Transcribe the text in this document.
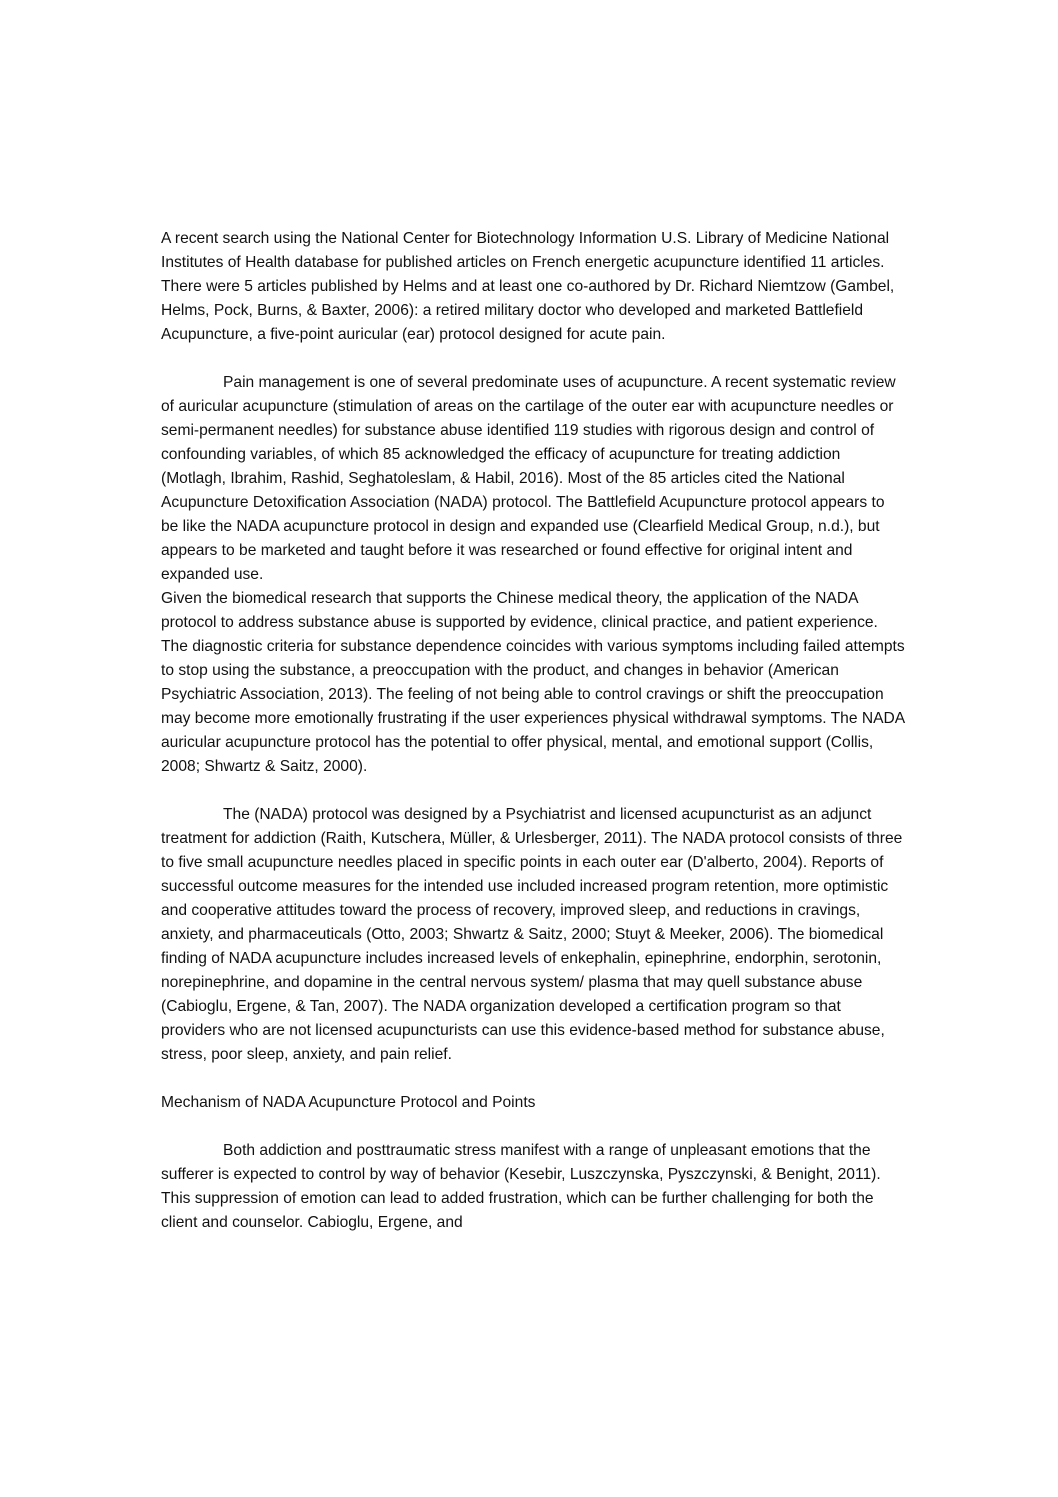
A recent search using the National Center for Biotechnology Information U.S. Library of Medicine National Institutes of Health database for published articles on French energetic acupuncture identified 11 articles. There were 5 articles published by Helms and at least one co-authored by Dr. Richard Niemtzow (Gambel, Helms, Pock, Burns, & Baxter, 2006): a retired military doctor who developed and marketed Battlefield Acupuncture, a five-point auricular (ear) protocol designed for acute pain.

Pain management is one of several predominate uses of acupuncture. A recent systematic review of auricular acupuncture (stimulation of areas on the cartilage of the outer ear with acupuncture needles or semi-permanent needles) for substance abuse identified 119 studies with rigorous design and control of confounding variables, of which 85 acknowledged the efficacy of acupuncture for treating addiction (Motlagh, Ibrahim, Rashid, Seghatoleslam, & Habil, 2016). Most of the 85 articles cited the National Acupuncture Detoxification Association (NADA) protocol. The Battlefield Acupuncture protocol appears to be like the NADA acupuncture protocol in design and expanded use (Clearfield Medical Group, n.d.), but appears to be marketed and taught before it was researched or found effective for original intent and expanded use.

Given the biomedical research that supports the Chinese medical theory, the application of the NADA protocol to address substance abuse is supported by evidence, clinical practice, and patient experience. The diagnostic criteria for substance dependence coincides with various symptoms including failed attempts to stop using the substance, a preoccupation with the product, and changes in behavior (American Psychiatric Association, 2013). The feeling of not being able to control cravings or shift the preoccupation may become more emotionally frustrating if the user experiences physical withdrawal symptoms. The NADA auricular acupuncture protocol has the potential to offer physical, mental, and emotional support (Collis, 2008; Shwartz & Saitz, 2000).

The (NADA) protocol was designed by a Psychiatrist and licensed acupuncturist as an adjunct treatment for addiction (Raith, Kutschera, Müller, & Urlesberger, 2011). The NADA protocol consists of three to five small acupuncture needles placed in specific points in each outer ear (D'alberto, 2004). Reports of successful outcome measures for the intended use included increased program retention, more optimistic and cooperative attitudes toward the process of recovery, improved sleep, and reductions in cravings, anxiety, and pharmaceuticals (Otto, 2003; Shwartz & Saitz, 2000; Stuyt & Meeker, 2006). The biomedical finding of NADA acupuncture includes increased levels of enkephalin, epinephrine, endorphin, serotonin, norepinephrine, and dopamine in the central nervous system/ plasma that may quell substance abuse (Cabioglu, Ergene, & Tan, 2007). The NADA organization developed a certification program so that providers who are not licensed acupuncturists can use this evidence-based method for substance abuse, stress, poor sleep, anxiety, and pain relief.

Mechanism of NADA Acupuncture Protocol and Points

Both addiction and posttraumatic stress manifest with a range of unpleasant emotions that the sufferer is expected to control by way of behavior (Kesebir, Luszczynska, Pyszczynski, & Benight, 2011). This suppression of emotion can lead to added frustration, which can be further challenging for both the client and counselor. Cabioglu, Ergene, and
